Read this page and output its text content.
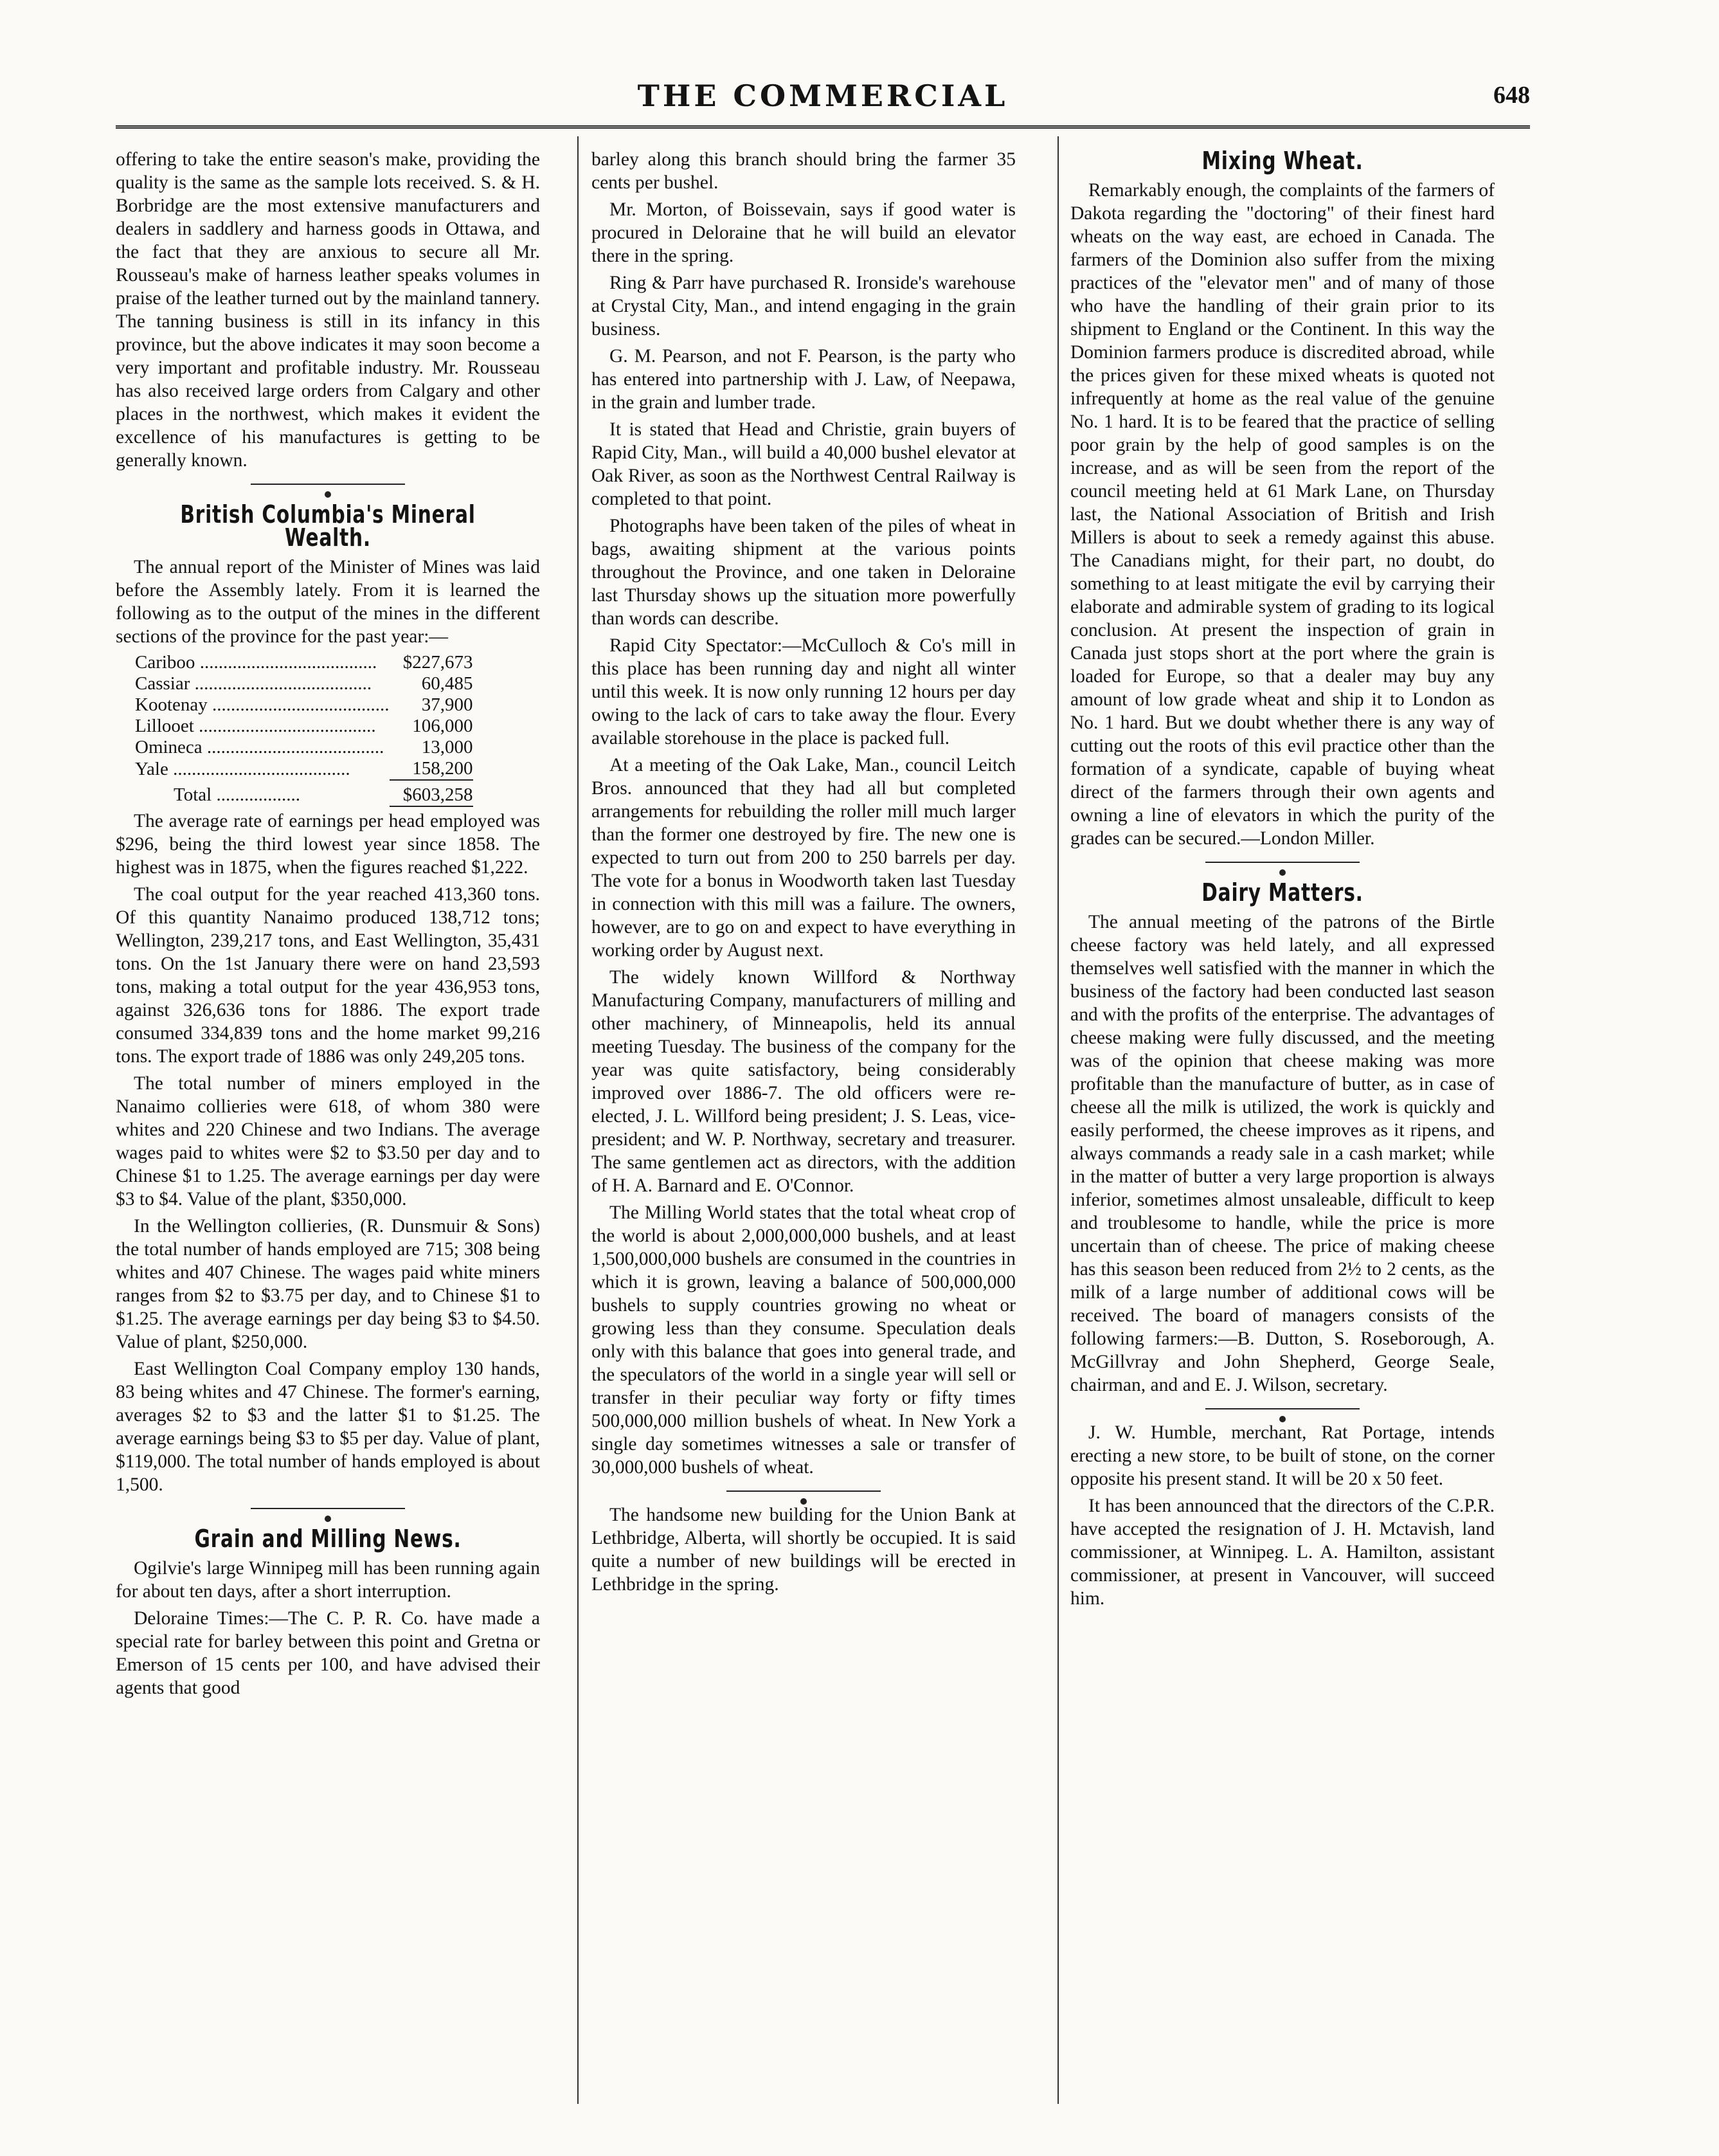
THE COMMERCIAL	648

offering to take the entire season's make, providing the quality is the same as the sample lots received. S. & H. Borbridge are the most extensive manufacturers and dealers in saddlery and harness goods in Ottawa, and the fact that they are anxious to secure all Mr. Rousseau's make of harness leather speaks volumes in praise of the leather turned out by the mainland tannery. The tanning business is still in its infancy in this province, but the above indicates it may soon become a very important and profitable industry. Mr. Rousseau has also received large orders from Calgary and other places in the northwest, which makes it evident the excellence of his manufactures is getting to be generally known.

British Columbia's Mineral Wealth.

The annual report of the Minister of Mines was laid before the Assembly lately. From it is learned the following as to the output of the mines in the different sections of the province for the past year:—

Cariboo ......................................	$227,673
Cassiar ......................................	60,485
Kootenay ......................................	37,900
Lillooet ......................................	106,000
Omineca ......................................	13,000
Yale ......................................	158,200
Total ..................	$603,258

The average rate of earnings per head employed was $296, being the third lowest year since 1858. The highest was in 1875, when the figures reached $1,222.

The coal output for the year reached 413,360 tons. Of this quantity Nanaimo produced 138,712 tons; Wellington, 239,217 tons, and East Wellington, 35,431 tons. On the 1st January there were on hand 23,593 tons, making a total output for the year 436,953 tons, against 326,636 tons for 1886. The export trade consumed 334,839 tons and the home market 99,216 tons. The export trade of 1886 was only 249,205 tons.

The total number of miners employed in the Nanaimo collieries were 618, of whom 380 were whites and 220 Chinese and two Indians. The average wages paid to whites were $2 to $3.50 per day and to Chinese $1 to 1.25. The average earnings per day were $3 to $4. Value of the plant, $350,000.

In the Wellington collieries, (R. Dunsmuir & Sons) the total number of hands employed are 715; 308 being whites and 407 Chinese. The wages paid white miners ranges from $2 to $3.75 per day, and to Chinese $1 to $1.25. The average earnings per day being $3 to $4.50. Value of plant, $250,000.

East Wellington Coal Company employ 130 hands, 83 being whites and 47 Chinese. The former's earning, averages $2 to $3 and the latter $1 to $1.25. The average earnings being $3 to $5 per day. Value of plant, $119,000. The total number of hands employed is about 1,500.

Grain and Milling News.

Ogilvie's large Winnipeg mill has been running again for about ten days, after a short interruption.

Deloraine Times:—The C. P. R. Co. have made a special rate for barley between this point and Gretna or Emerson of 15 cents per 100, and have advised their agents that good

barley along this branch should bring the farmer 35 cents per bushel.

Mr. Morton, of Boissevain, says if good water is procured in Deloraine that he will build an elevator there in the spring.

Ring & Parr have purchased R. Ironside's warehouse at Crystal City, Man., and intend engaging in the grain business.

G. M. Pearson, and not F. Pearson, is the party who has entered into partnership with J. Law, of Neepawa, in the grain and lumber trade.

It is stated that Head and Christie, grain buyers of Rapid City, Man., will build a 40,000 bushel elevator at Oak River, as soon as the Northwest Central Railway is completed to that point.

Photographs have been taken of the piles of wheat in bags, awaiting shipment at the various points throughout the Province, and one taken in Deloraine last Thursday shows up the situation more powerfully than words can describe.

Rapid City Spectator:—McCulloch & Co's mill in this place has been running day and night all winter until this week. It is now only running 12 hours per day owing to the lack of cars to take away the flour. Every available storehouse in the place is packed full.

At a meeting of the Oak Lake, Man., council Leitch Bros. announced that they had all but completed arrangements for rebuilding the roller mill much larger than the former one destroyed by fire. The new one is expected to turn out from 200 to 250 barrels per day. The vote for a bonus in Woodworth taken last Tuesday in connection with this mill was a failure. The owners, however, are to go on and expect to have everything in working order by August next.

The widely known Willford & Northway Manufacturing Company, manufacturers of milling and other machinery, of Minneapolis, held its annual meeting Tuesday. The business of the company for the year was quite satisfactory, being considerably improved over 1886-7. The old officers were re-elected, J. L. Willford being president; J. S. Leas, vice-president; and W. P. Northway, secretary and treasurer. The same gentlemen act as directors, with the addition of H. A. Barnard and E. O'Connor.

The Milling World states that the total wheat crop of the world is about 2,000,000,000 bushels, and at least 1,500,000,000 bushels are consumed in the countries in which it is grown, leaving a balance of 500,000,000 bushels to supply countries growing no wheat or growing less than they consume. Speculation deals only with this balance that goes into general trade, and the speculators of the world in a single year will sell or transfer in their peculiar way forty or fifty times 500,000,000 million bushels of wheat. In New York a single day sometimes witnesses a sale or transfer of 30,000,000 bushels of wheat.

The handsome new building for the Union Bank at Lethbridge, Alberta, will shortly be occupied. It is said quite a number of new buildings will be erected in Lethbridge in the spring.

Mixing Wheat.

Remarkably enough, the complaints of the farmers of Dakota regarding the "doctoring" of their finest hard wheats on the way east, are echoed in Canada. The farmers of the Dominion also suffer from the mixing practices of the "elevator men" and of many of those who have the handling of their grain prior to its shipment to England or the Continent. In this way the Dominion farmers produce is discredited abroad, while the prices given for these mixed wheats is quoted not infrequently at home as the real value of the genuine No. 1 hard. It is to be feared that the practice of selling poor grain by the help of good samples is on the increase, and as will be seen from the report of the council meeting held at 61 Mark Lane, on Thursday last, the National Association of British and Irish Millers is about to seek a remedy against this abuse. The Canadians might, for their part, no doubt, do something to at least mitigate the evil by carrying their elaborate and admirable system of grading to its logical conclusion. At present the inspection of grain in Canada just stops short at the port where the grain is loaded for Europe, so that a dealer may buy any amount of low grade wheat and ship it to London as No. 1 hard. But we doubt whether there is any way of cutting out the roots of this evil practice other than the formation of a syndicate, capable of buying wheat direct of the farmers through their own agents and owning a line of elevators in which the purity of the grades can be secured.—London Miller.

Dairy Matters.

The annual meeting of the patrons of the Birtle cheese factory was held lately, and all expressed themselves well satisfied with the manner in which the business of the factory had been conducted last season and with the profits of the enterprise. The advantages of cheese making were fully discussed, and the meeting was of the opinion that cheese making was more profitable than the manufacture of butter, as in case of cheese all the milk is utilized, the work is quickly and easily performed, the cheese improves as it ripens, and always commands a ready sale in a cash market; while in the matter of butter a very large proportion is always inferior, sometimes almost unsaleable, difficult to keep and troublesome to handle, while the price is more uncertain than of cheese. The price of making cheese has this season been reduced from 2½ to 2 cents, as the milk of a large number of additional cows will be received. The board of managers consists of the following farmers:—B. Dutton, S. Roseborough, A. McGillvray and John Shepherd, George Seale, chairman, and and E. J. Wilson, secretary.

J. W. Humble, merchant, Rat Portage, intends erecting a new store, to be built of stone, on the corner opposite his present stand. It will be 20 x 50 feet.

It has been announced that the directors of the C.P.R. have accepted the resignation of J. H. Mctavish, land commissioner, at Winnipeg. L. A. Hamilton, assistant commissioner, at present in Vancouver, will succeed him.
